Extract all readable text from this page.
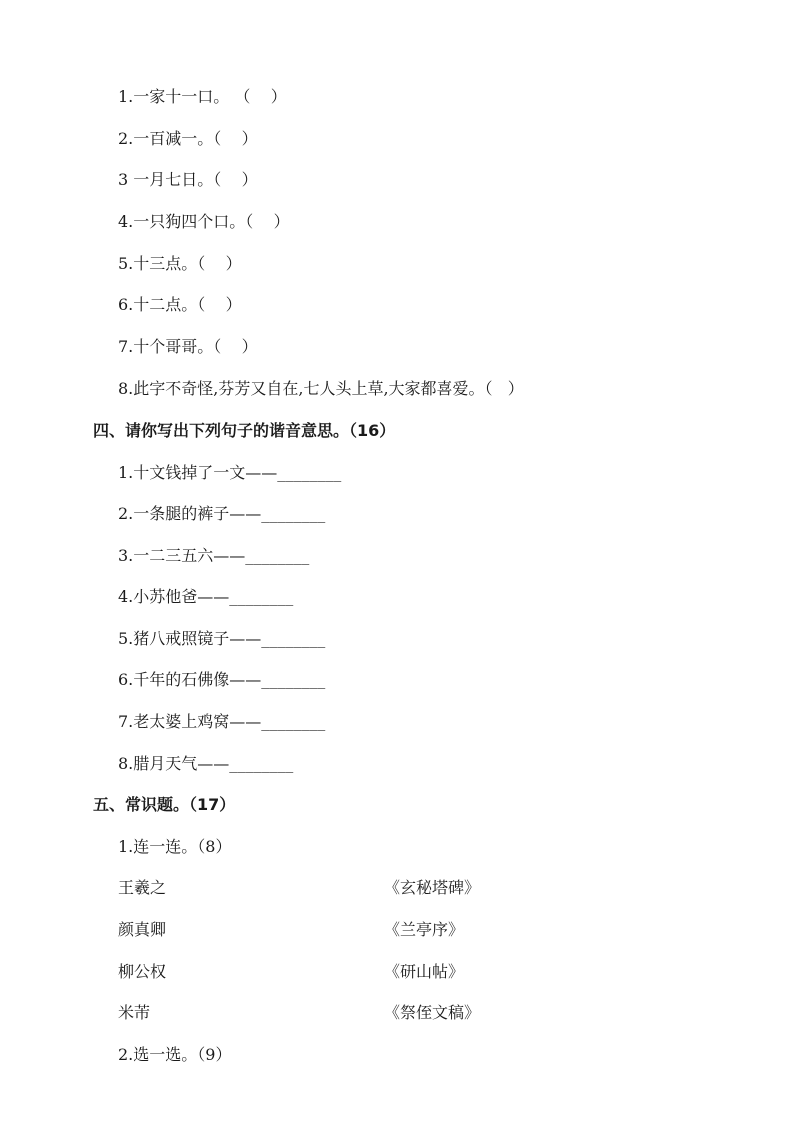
1.一家十一口。 （    ）
2.一百减一。（    ）
3 一月七日。（    ）
4.一只狗四个口。（    ）
5.十三点。（    ）
6.十二点。（    ）
7.十个哥哥。（    ）
8.此字不奇怪,芬芳又自在,七人头上草,大家都喜爱。（   ）
四、请你写出下列句子的谐音意思。（16）
1.十文钱掉了一文——________
2.一条腿的裤子——________
3.一二三五六——________
4.小苏他爸——________
5.猪八戒照镜子——________
6.千年的石佛像——________
7.老太婆上鸡窝——________
8.腊月天气——________
五、常识题。（17）
1.连一连。（8）
王羲之	《玄秘塔碑》
颜真卿	《兰亭序》
柳公权	《研山帖》
米芾	《祭侄文稿》
2.选一选。（9）
